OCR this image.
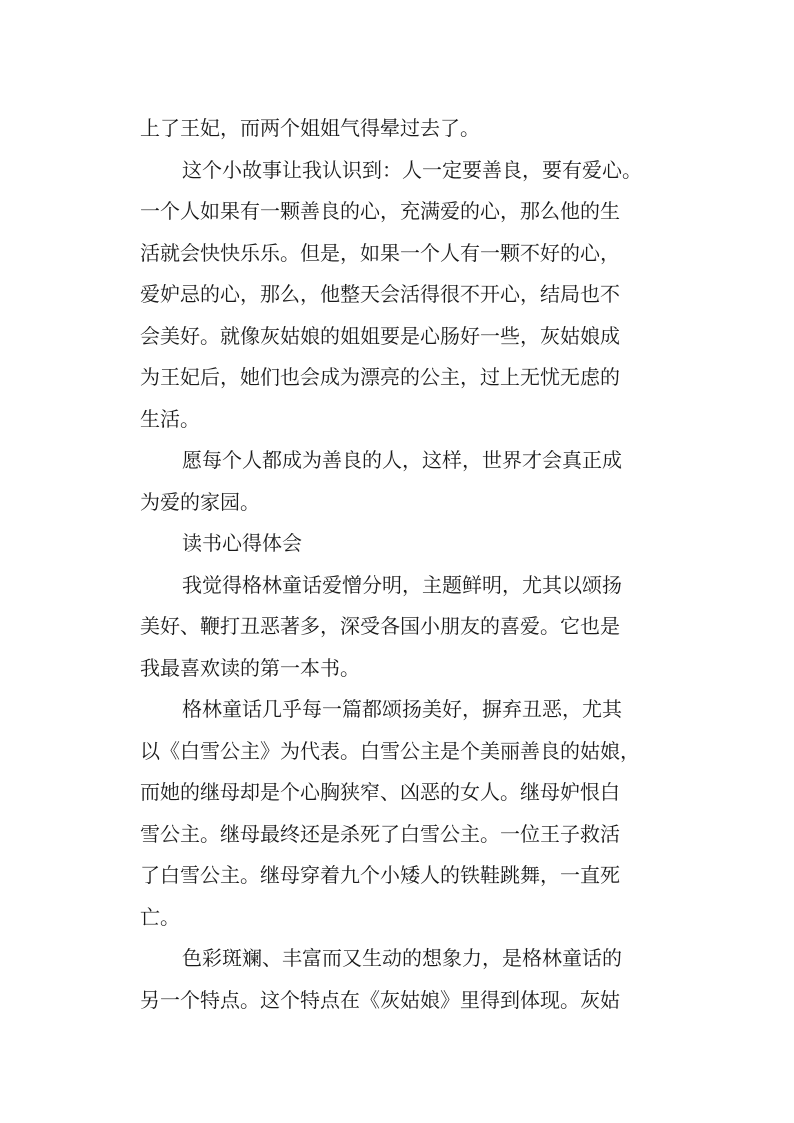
上了王妃，而两个姐姐气得晕过去了。
这个小故事让我认识到：人一定要善良，要有爱心。
一个人如果有一颗善良的心，充满爱的心，那么他的生
活就会快快乐乐。但是，如果一个人有一颗不好的心，
爱妒忌的心，那么，他整天会活得很不开心，结局也不
会美好。就像灰姑娘的姐姐要是心肠好一些，灰姑娘成
为王妃后，她们也会成为漂亮的公主，过上无忧无虑的
生活。
愿每个人都成为善良的人，这样，世界才会真正成
为爱的家园。
读书心得体会
我觉得格林童话爱憎分明，主题鲜明，尤其以颂扬
美好、鞭打丑恶著多，深受各国小朋友的喜爱。它也是
我最喜欢读的第一本书。
格林童话几乎每一篇都颂扬美好，摒弃丑恶，尤其
以《白雪公主》为代表。白雪公主是个美丽善良的姑娘，
而她的继母却是个心胸狭窄、凶恶的女人。继母妒恨白
雪公主。继母最终还是杀死了白雪公主。一位王子救活
了白雪公主。继母穿着九个小矮人的铁鞋跳舞，一直死
亡。
色彩斑斓、丰富而又生动的想象力，是格林童话的
另一个特点。这个特点在《灰姑娘》里得到体现。灰姑
